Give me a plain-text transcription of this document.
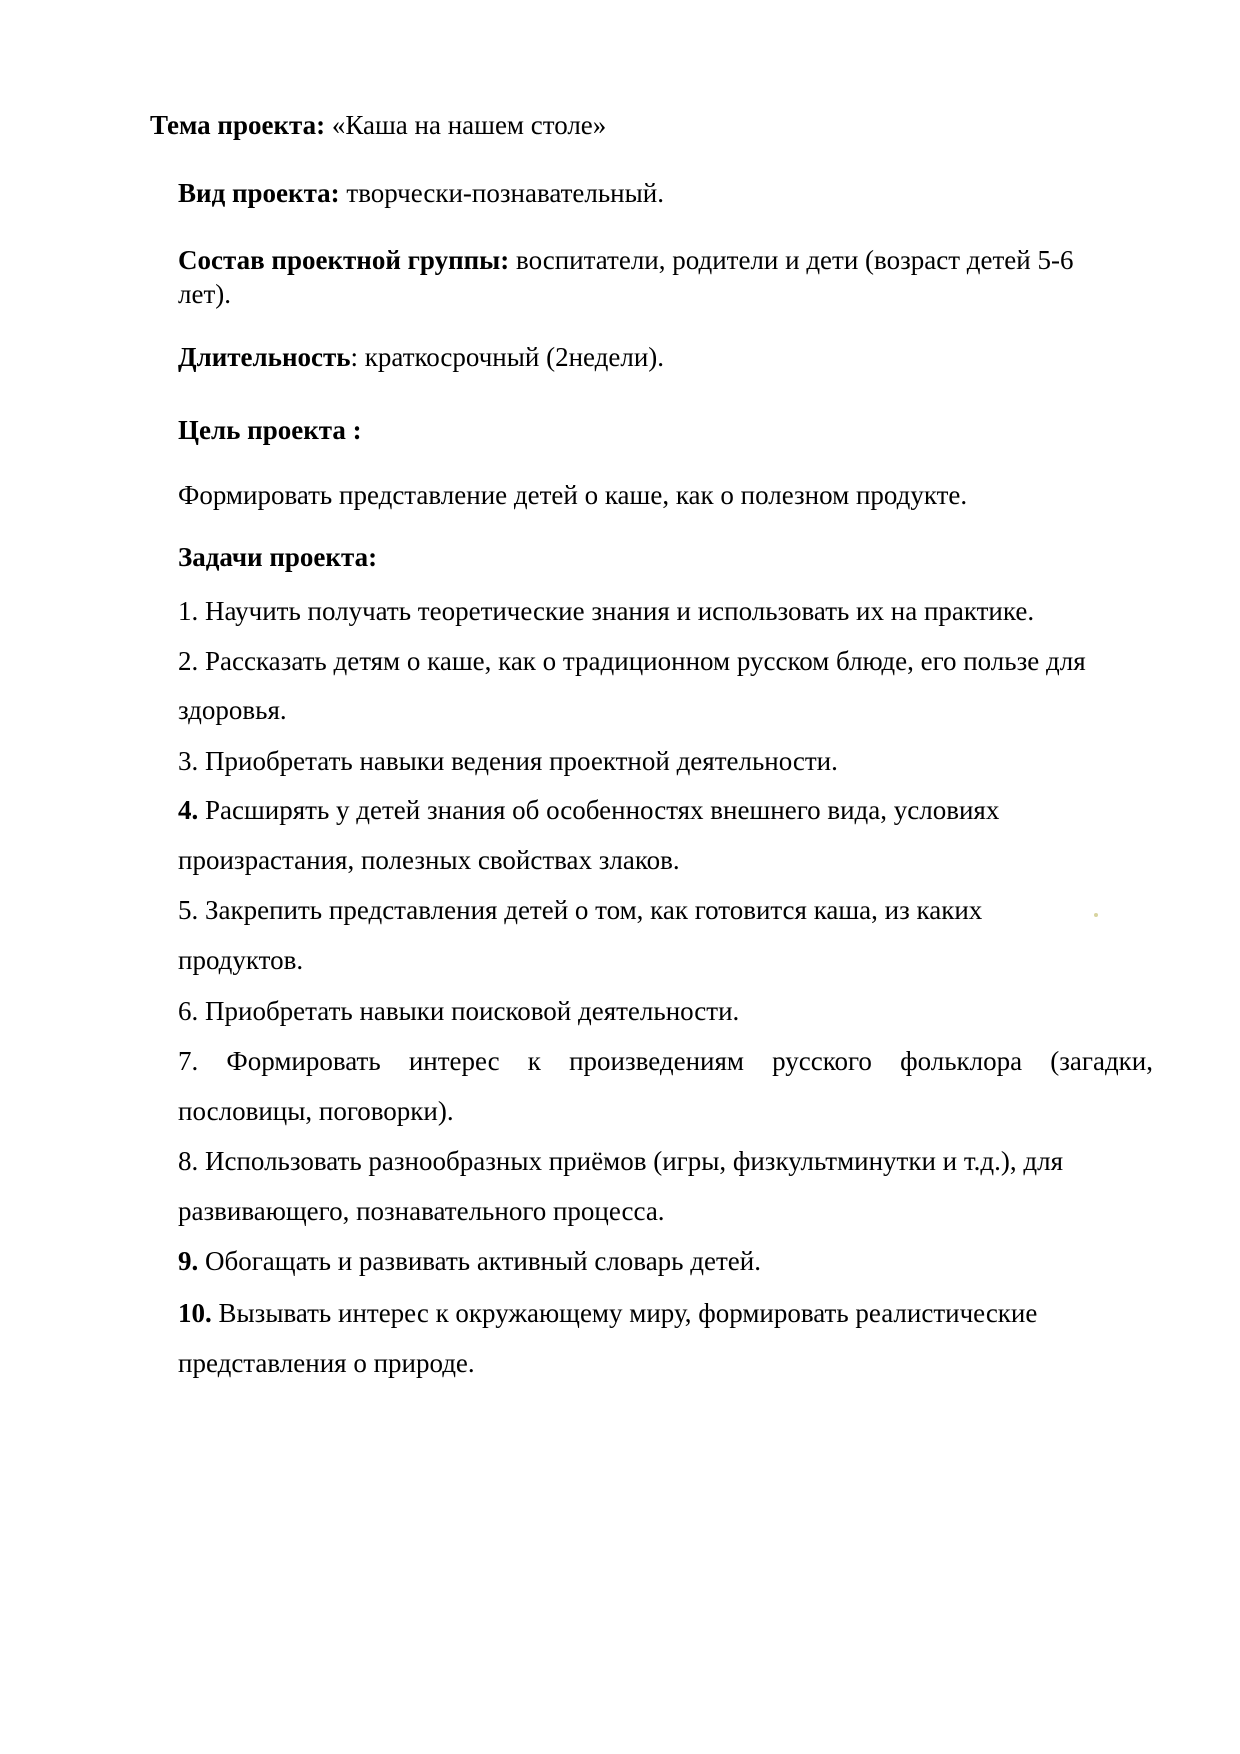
Тема проекта: «Каша на нашем столе»
Вид проекта: творчески-познавательный.
Состав проектной группы: воспитатели, родители и дети (возраст детей 5-6
лет).
Длительность: краткосрочный (2недели).
Цель проекта :
Формировать представление детей о каше, как о полезном продукте.
Задачи проекта:
1. Научить получать теоретические знания и использовать их на практике.
2. Рассказать детям о каше, как о традиционном русском блюде, его пользе для
здоровья.
3. Приобретать навыки ведения проектной деятельности.
4. Расширять у детей знания об особенностях внешнего вида, условиях
произрастания, полезных свойствах злаков.
5. Закрепить представления детей о том, как готовится каша, из каких
продуктов.
6. Приобретать навыки поисковой деятельности.
7. Формировать интерес к произведениям русского фольклора (загадки,
пословицы, поговорки).
8. Использовать разнообразных приёмов (игры, физкультминутки и т.д.), для
развивающего, познавательного процесса.
9. Обогащать и развивать активный словарь детей.
10. Вызывать интерес к окружающему миру, формировать реалистические
представления о природе.
